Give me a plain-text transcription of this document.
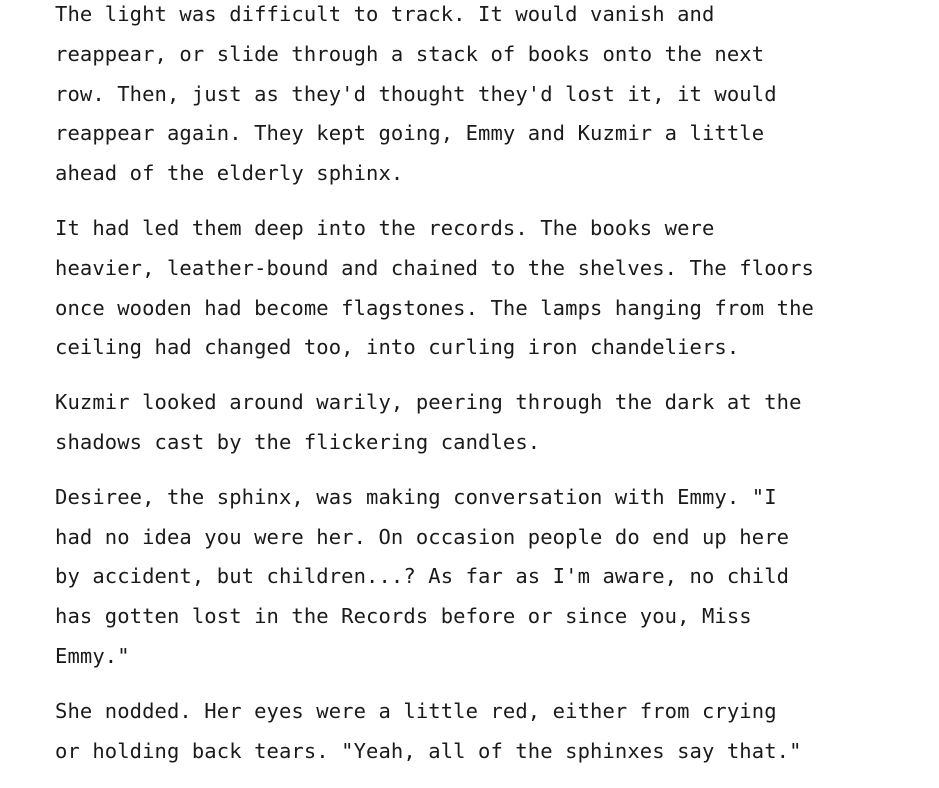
The light was difficult to track. It would vanish and
reappear, or slide through a stack of books onto the next
row. Then, just as they'd thought they'd lost it, it would
reappear again. They kept going, Emmy and Kuzmir a little
ahead of the elderly sphinx.

It had led them deep into the records. The books were
heavier, leather-bound and chained to the shelves. The floors
once wooden had become flagstones. The lamps hanging from the
ceiling had changed too, into curling iron chandeliers.

Kuzmir looked around warily, peering through the dark at the
shadows cast by the flickering candles.

Desiree, the sphinx, was making conversation with Emmy. "I
had no idea you were her. On occasion people do end up here
by accident, but children...? As far as I'm aware, no child
has gotten lost in the Records before or since you, Miss
Emmy."

She nodded. Her eyes were a little red, either from crying
or holding back tears. "Yeah, all of the sphinxes say that."
